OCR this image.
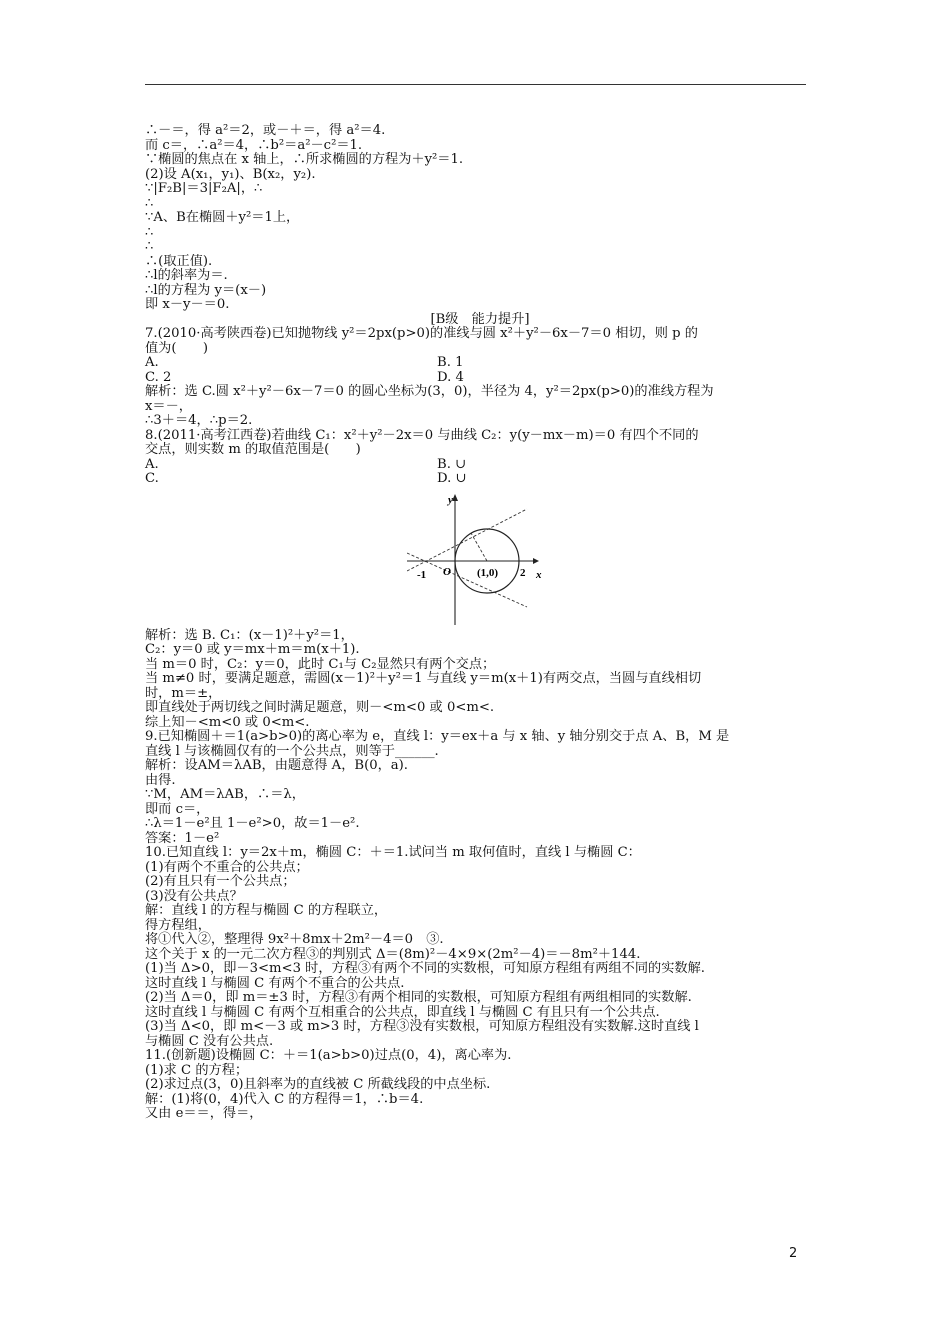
∴－＝，得 a²＝2，或－＋＝，得 a²＝4.
而 c＝，∴a²＝4，∴b²＝a²－c²＝1.
∵椭圆的焦点在 x 轴上，∴所求椭圆的方程为＋y²＝1.
(2)设 A(x₁，y₁)、B(x₂，y₂).
∵|F₂B|＝3|F₂A|，∴
∴
∵A、B在椭圆＋y²＝1上，
∴
∴
∴(取正值).
∴l的斜率为＝.
∴l的方程为 y＝(x－)
即 x－y－＝0.
[B级　能力提升]
7.(2010·高考陕西卷)已知抛物线 y²＝2px(p>0)的准线与圆 x²＋y²－6x－7＝0 相切，则 p 的
值为(　　)
A.	B. 1
C. 2	D. 4
解析：选 C.圆 x²＋y²－6x－7＝0 的圆心坐标为(3，0)，半径为 4，y²＝2px(p>0)的准线方程为
x＝－，
∴3＋＝4，∴p＝2.
8.(2011·高考江西卷)若曲线 C₁：x²＋y²－2x＝0 与曲线 C₂：y(y－mx－m)＝0 有四个不同的
交点，则实数 m 的取值范围是(　　)
A.	B. ∪
C.	D. ∪
y
x
O
-1	(1,0) 2
解析：选 B. C₁：(x－1)²＋y²＝1，
C₂：y＝0 或 y＝mx＋m＝m(x＋1).
当 m＝0 时，C₂：y＝0，此时 C₁与 C₂显然只有两个交点；
当 m≠0 时，要满足题意，需圆(x－1)²＋y²＝1 与直线 y＝m(x＋1)有两交点，当圆与直线相切
时，m＝±，
即直线处于两切线之间时满足题意，则－<m<0 或 0<m<.
综上知－<m<0 或 0<m<.
9.已知椭圆＋＝1(a>b>0)的离心率为 e，直线 l：y＝ex＋a 与 x 轴、y 轴分别交于点 A、B，M 是
直线 l 与该椭圆仅有的一个公共点，则等于______.
解析：设AM＝λAB，由题意得 A，B(0，a).
由得.
∵M，AM＝λAB，∴＝λ，
即而 c＝，
∴λ＝1－e²且 1－e²>0，故＝1－e².
答案：1－e²
10.已知直线 l：y＝2x＋m，椭圆 C：＋＝1.试问当 m 取何值时，直线 l 与椭圆 C：
(1)有两个不重合的公共点；
(2)有且只有一个公共点；
(3)没有公共点？
解：直线 l 的方程与椭圆 C 的方程联立，
得方程组，
将①代入②，整理得 9x²＋8mx＋2m²－4＝0　③.
这个关于 x 的一元二次方程③的判别式 Δ＝(8m)²－4×9×(2m²－4)＝－8m²＋144.
(1)当 Δ>0，即－3<m<3 时，方程③有两个不同的实数根，可知原方程组有两组不同的实数解.
这时直线 l 与椭圆 C 有两个不重合的公共点.
(2)当 Δ＝0，即 m＝±3 时，方程③有两个相同的实数根，可知原方程组有两组相同的实数解.
这时直线 l 与椭圆 C 有两个互相重合的公共点，即直线 l 与椭圆 C 有且只有一个公共点.
(3)当 Δ<0，即 m<－3 或 m>3 时，方程③没有实数根，可知原方程组没有实数解.这时直线 l
与椭圆 C 没有公共点.
11.(创新题)设椭圆 C：＋＝1(a>b>0)过点(0，4)，离心率为.
(1)求 C 的方程；
(2)求过点(3，0)且斜率为的直线被 C 所截线段的中点坐标.
解：(1)将(0，4)代入 C 的方程得＝1，∴b＝4.
又由 e＝＝，得＝，
2
